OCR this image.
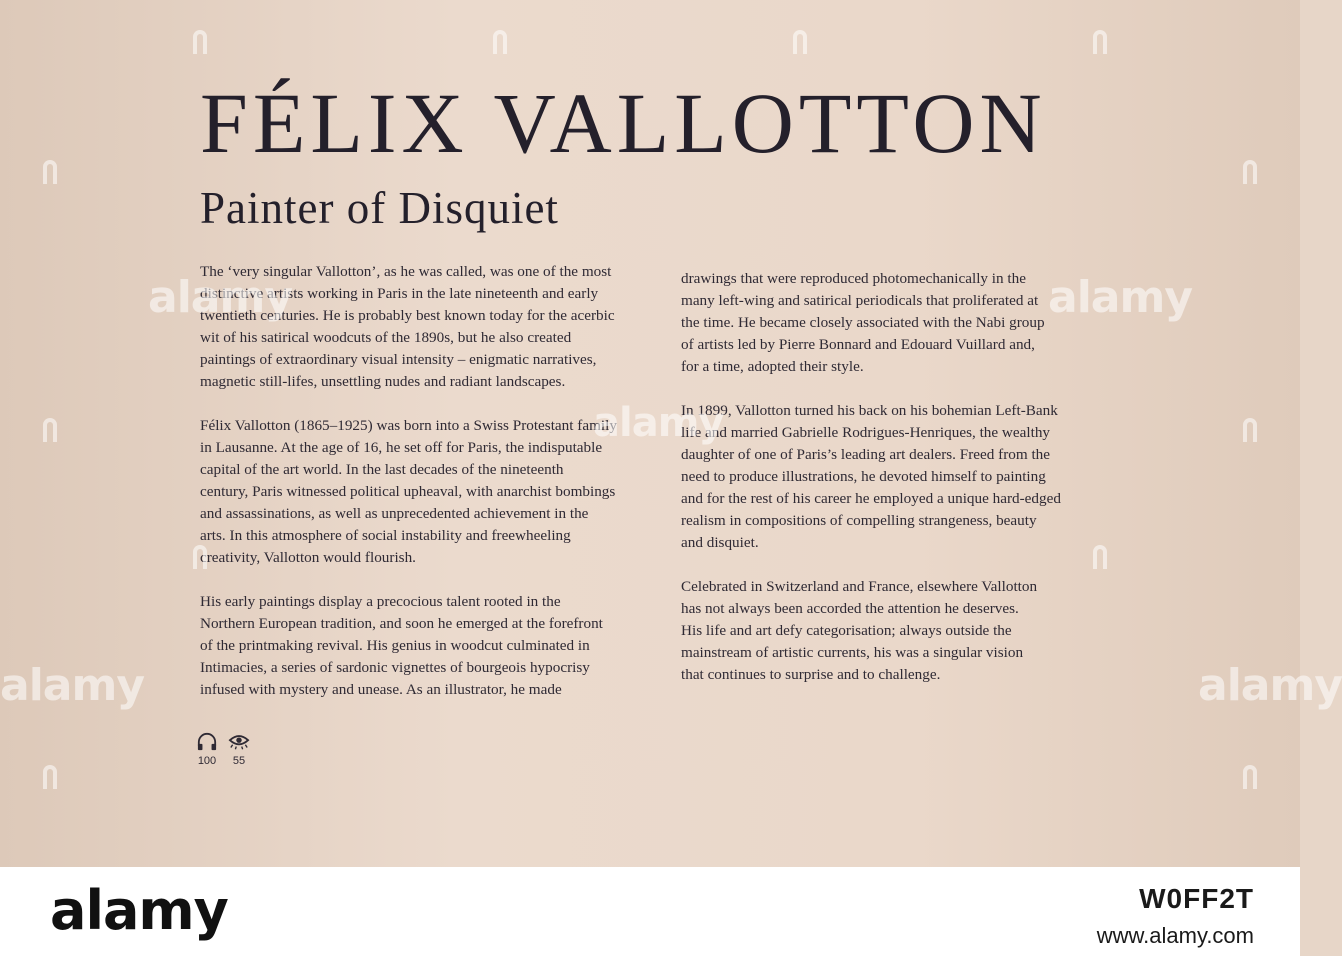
FÉLIX VALLOTTON
Painter of Disquiet

The ‘very singular Vallotton’, as he was called, was one of the most
distinctive artists working in Paris in the late nineteenth and early
twentieth centuries. He is probably best known today for the acerbic
wit of his satirical woodcuts of the 1890s, but he also created
paintings of extraordinary visual intensity – enigmatic narratives,
magnetic still-lifes, unsettling nudes and radiant landscapes.

Félix Vallotton (1865–1925) was born into a Swiss Protestant family
in Lausanne. At the age of 16, he set off for Paris, the indisputable
capital of the art world. In the last decades of the nineteenth
century, Paris witnessed political upheaval, with anarchist bombings
and assassinations, as well as unprecedented achievement in the
arts. In this atmosphere of social instability and freewheeling
creativity, Vallotton would flourish.

His early paintings display a precocious talent rooted in the
Northern European tradition, and soon he emerged at the forefront
of the printmaking revival. His genius in woodcut culminated in
Intimacies, a series of sardonic vignettes of bourgeois hypocrisy
infused with mystery and unease. As an illustrator, he made

drawings that were reproduced photomechanically in the
many left-wing and satirical periodicals that proliferated at
the time. He became closely associated with the Nabi group
of artists led by Pierre Bonnard and Edouard Vuillard and,
for a time, adopted their style.

In 1899, Vallotton turned his back on his bohemian Left-Bank
life and married Gabrielle Rodrigues-Henriques, the wealthy
daughter of one of Paris’s leading art dealers. Freed from the
need to produce illustrations, he devoted himself to painting
and for the rest of his career he employed a unique hard-edged
realism in compositions of compelling strangeness, beauty
and disquiet.

Celebrated in Switzerland and France, elsewhere Vallotton
has not always been accorded the attention he deserves.
His life and art defy categorisation; always outside the
mainstream of artistic currents, his was a singular vision
that continues to surprise and to challenge.

100 55
alamy	alamy
alamy
alamy	alamy
alamy	W0FF2T
www.alamy.com
